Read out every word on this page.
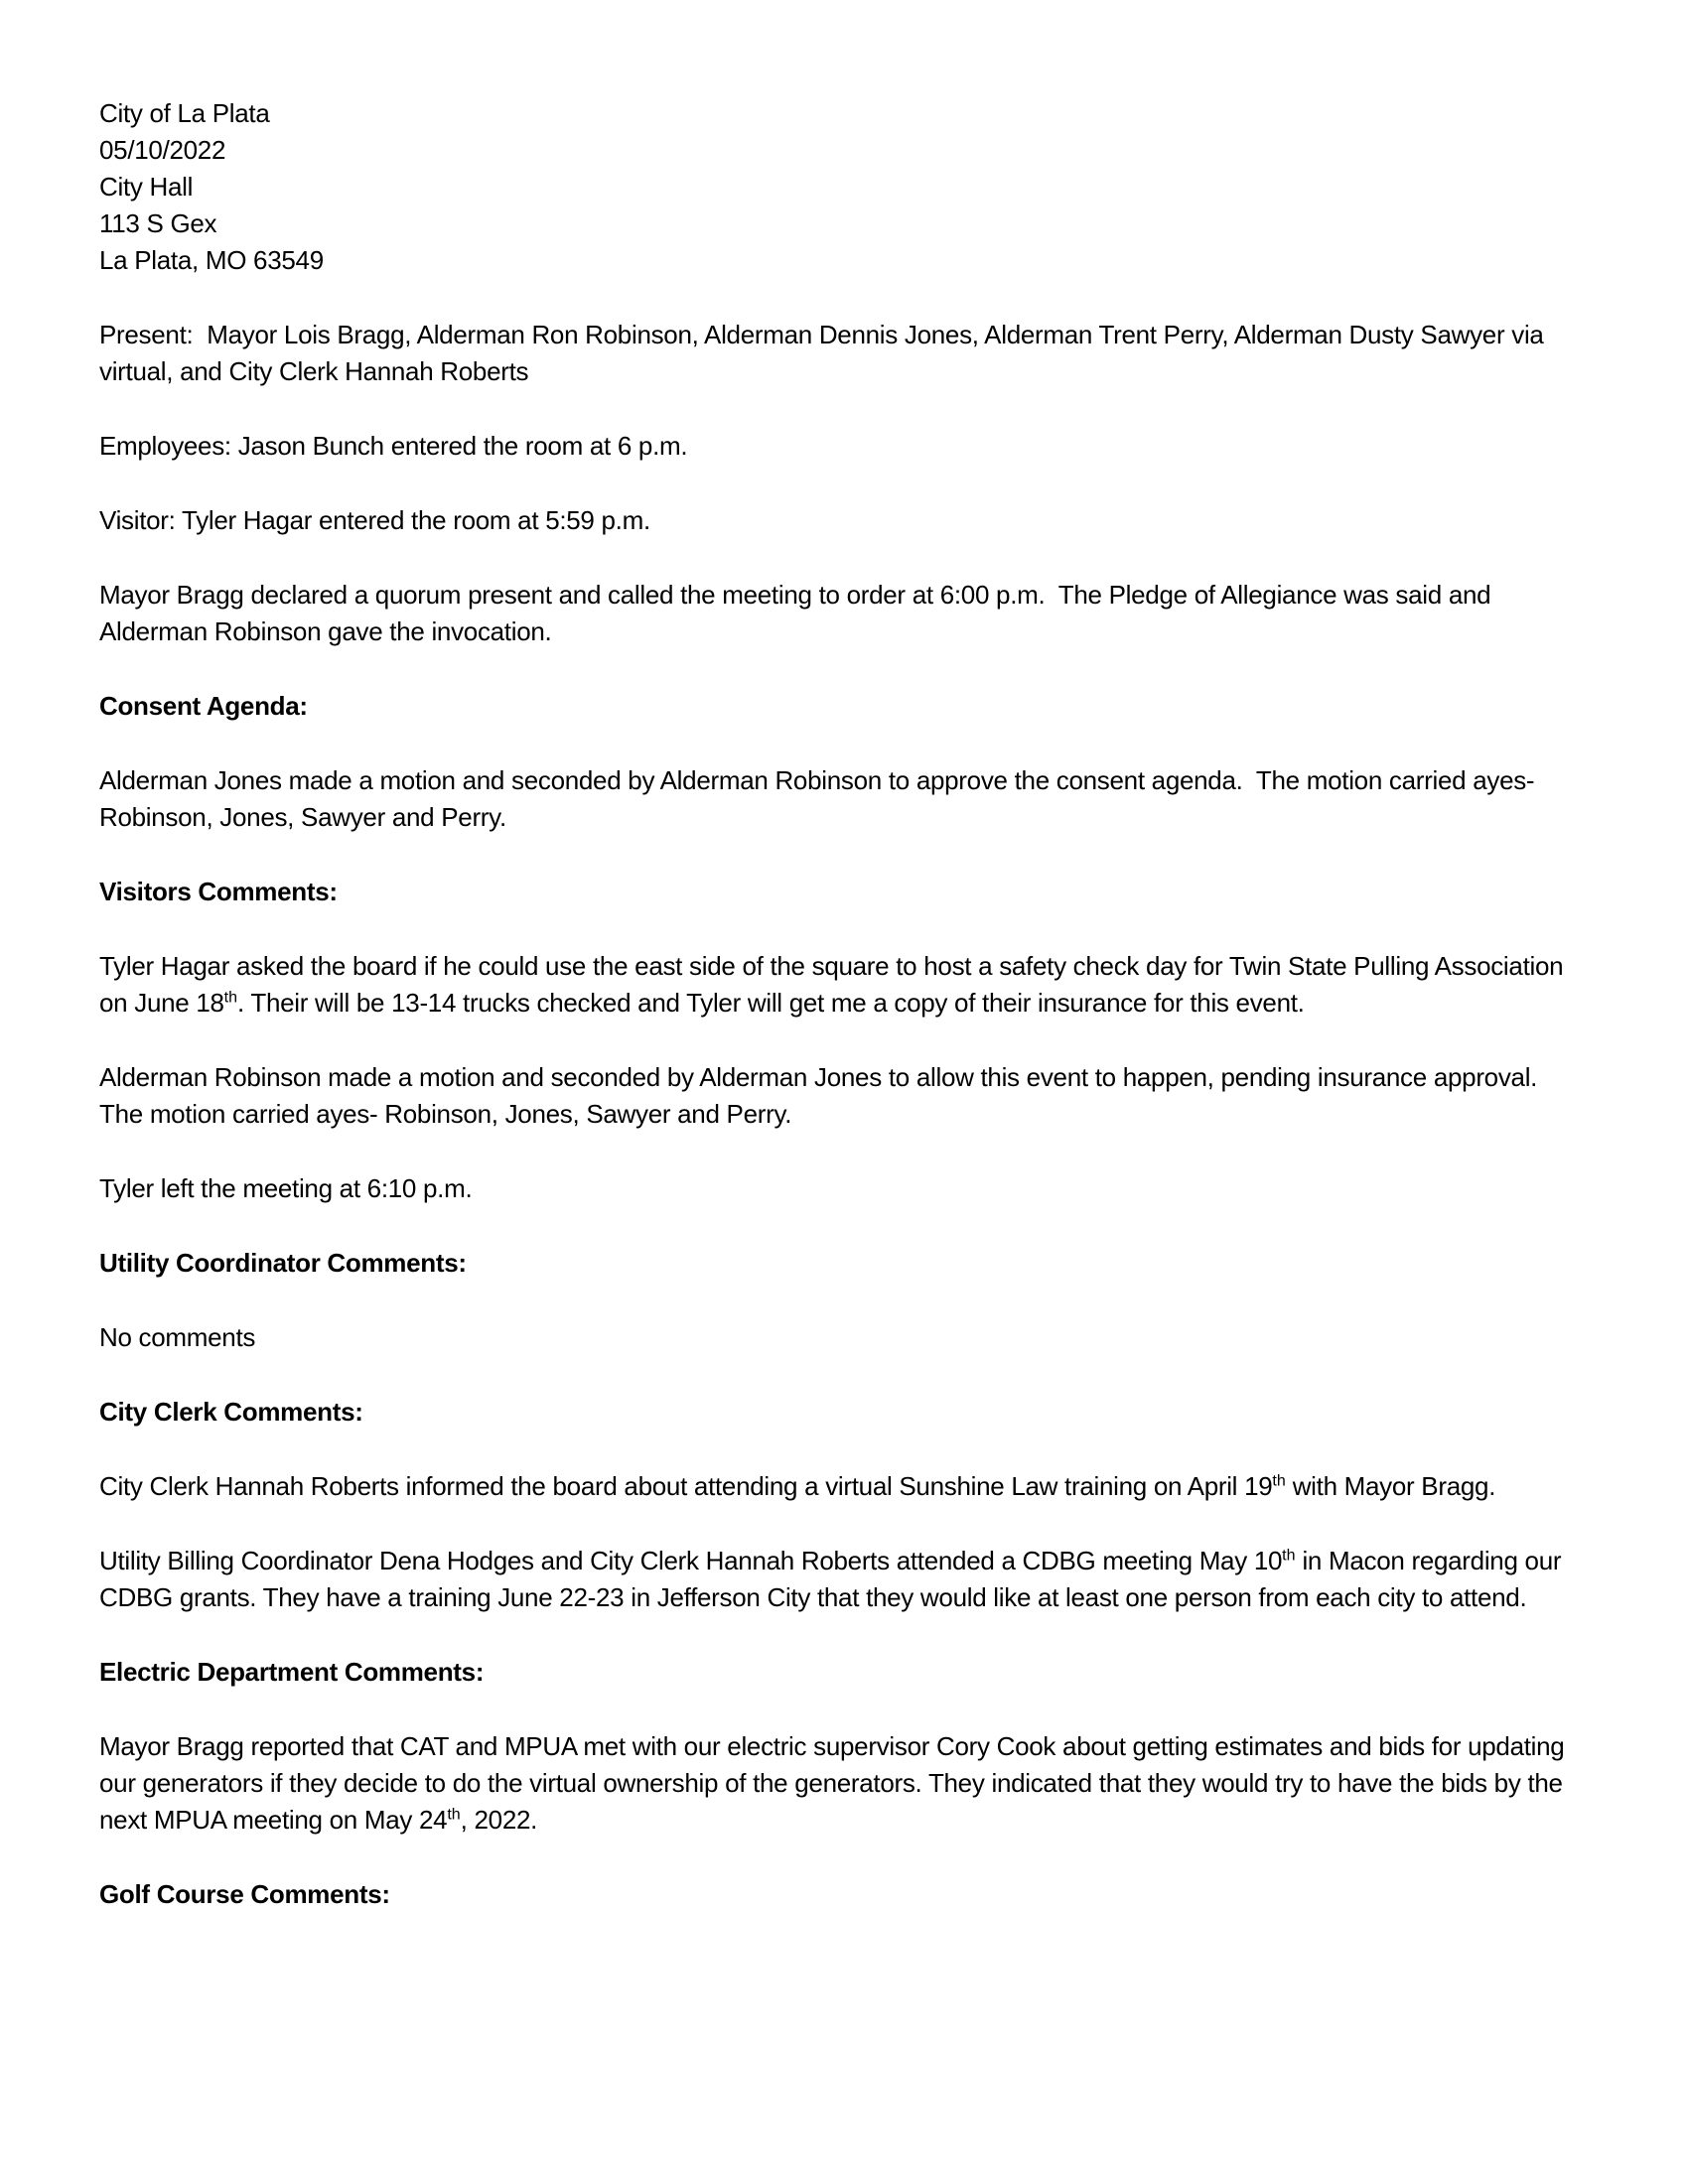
City of La Plata
05/10/2022
City Hall
113 S Gex
La Plata, MO 63549

Present:  Mayor Lois Bragg, Alderman Ron Robinson, Alderman Dennis Jones, Alderman Trent Perry, Alderman Dusty Sawyer via virtual, and City Clerk Hannah Roberts

Employees: Jason Bunch entered the room at 6 p.m.

Visitor: Tyler Hagar entered the room at 5:59 p.m.

Mayor Bragg declared a quorum present and called the meeting to order at 6:00 p.m.  The Pledge of Allegiance was said and Alderman Robinson gave the invocation.

Consent Agenda:

Alderman Jones made a motion and seconded by Alderman Robinson to approve the consent agenda.  The motion carried ayes- Robinson, Jones, Sawyer and Perry.

Visitors Comments:

Tyler Hagar asked the board if he could use the east side of the square to host a safety check day for Twin State Pulling Association on June 18th. Their will be 13-14 trucks checked and Tyler will get me a copy of their insurance for this event.

Alderman Robinson made a motion and seconded by Alderman Jones to allow this event to happen, pending insurance approval.  The motion carried ayes- Robinson, Jones, Sawyer and Perry.

Tyler left the meeting at 6:10 p.m.

Utility Coordinator Comments:

No comments

City Clerk Comments:

City Clerk Hannah Roberts informed the board about attending a virtual Sunshine Law training on April 19th with Mayor Bragg.

Utility Billing Coordinator Dena Hodges and City Clerk Hannah Roberts attended a CDBG meeting May 10th in Macon regarding our CDBG grants. They have a training June 22-23 in Jefferson City that they would like at least one person from each city to attend.

Electric Department Comments:

Mayor Bragg reported that CAT and MPUA met with our electric supervisor Cory Cook about getting estimates and bids for updating our generators if they decide to do the virtual ownership of the generators. They indicated that they would try to have the bids by the next MPUA meeting on May 24th, 2022.

Golf Course Comments:
